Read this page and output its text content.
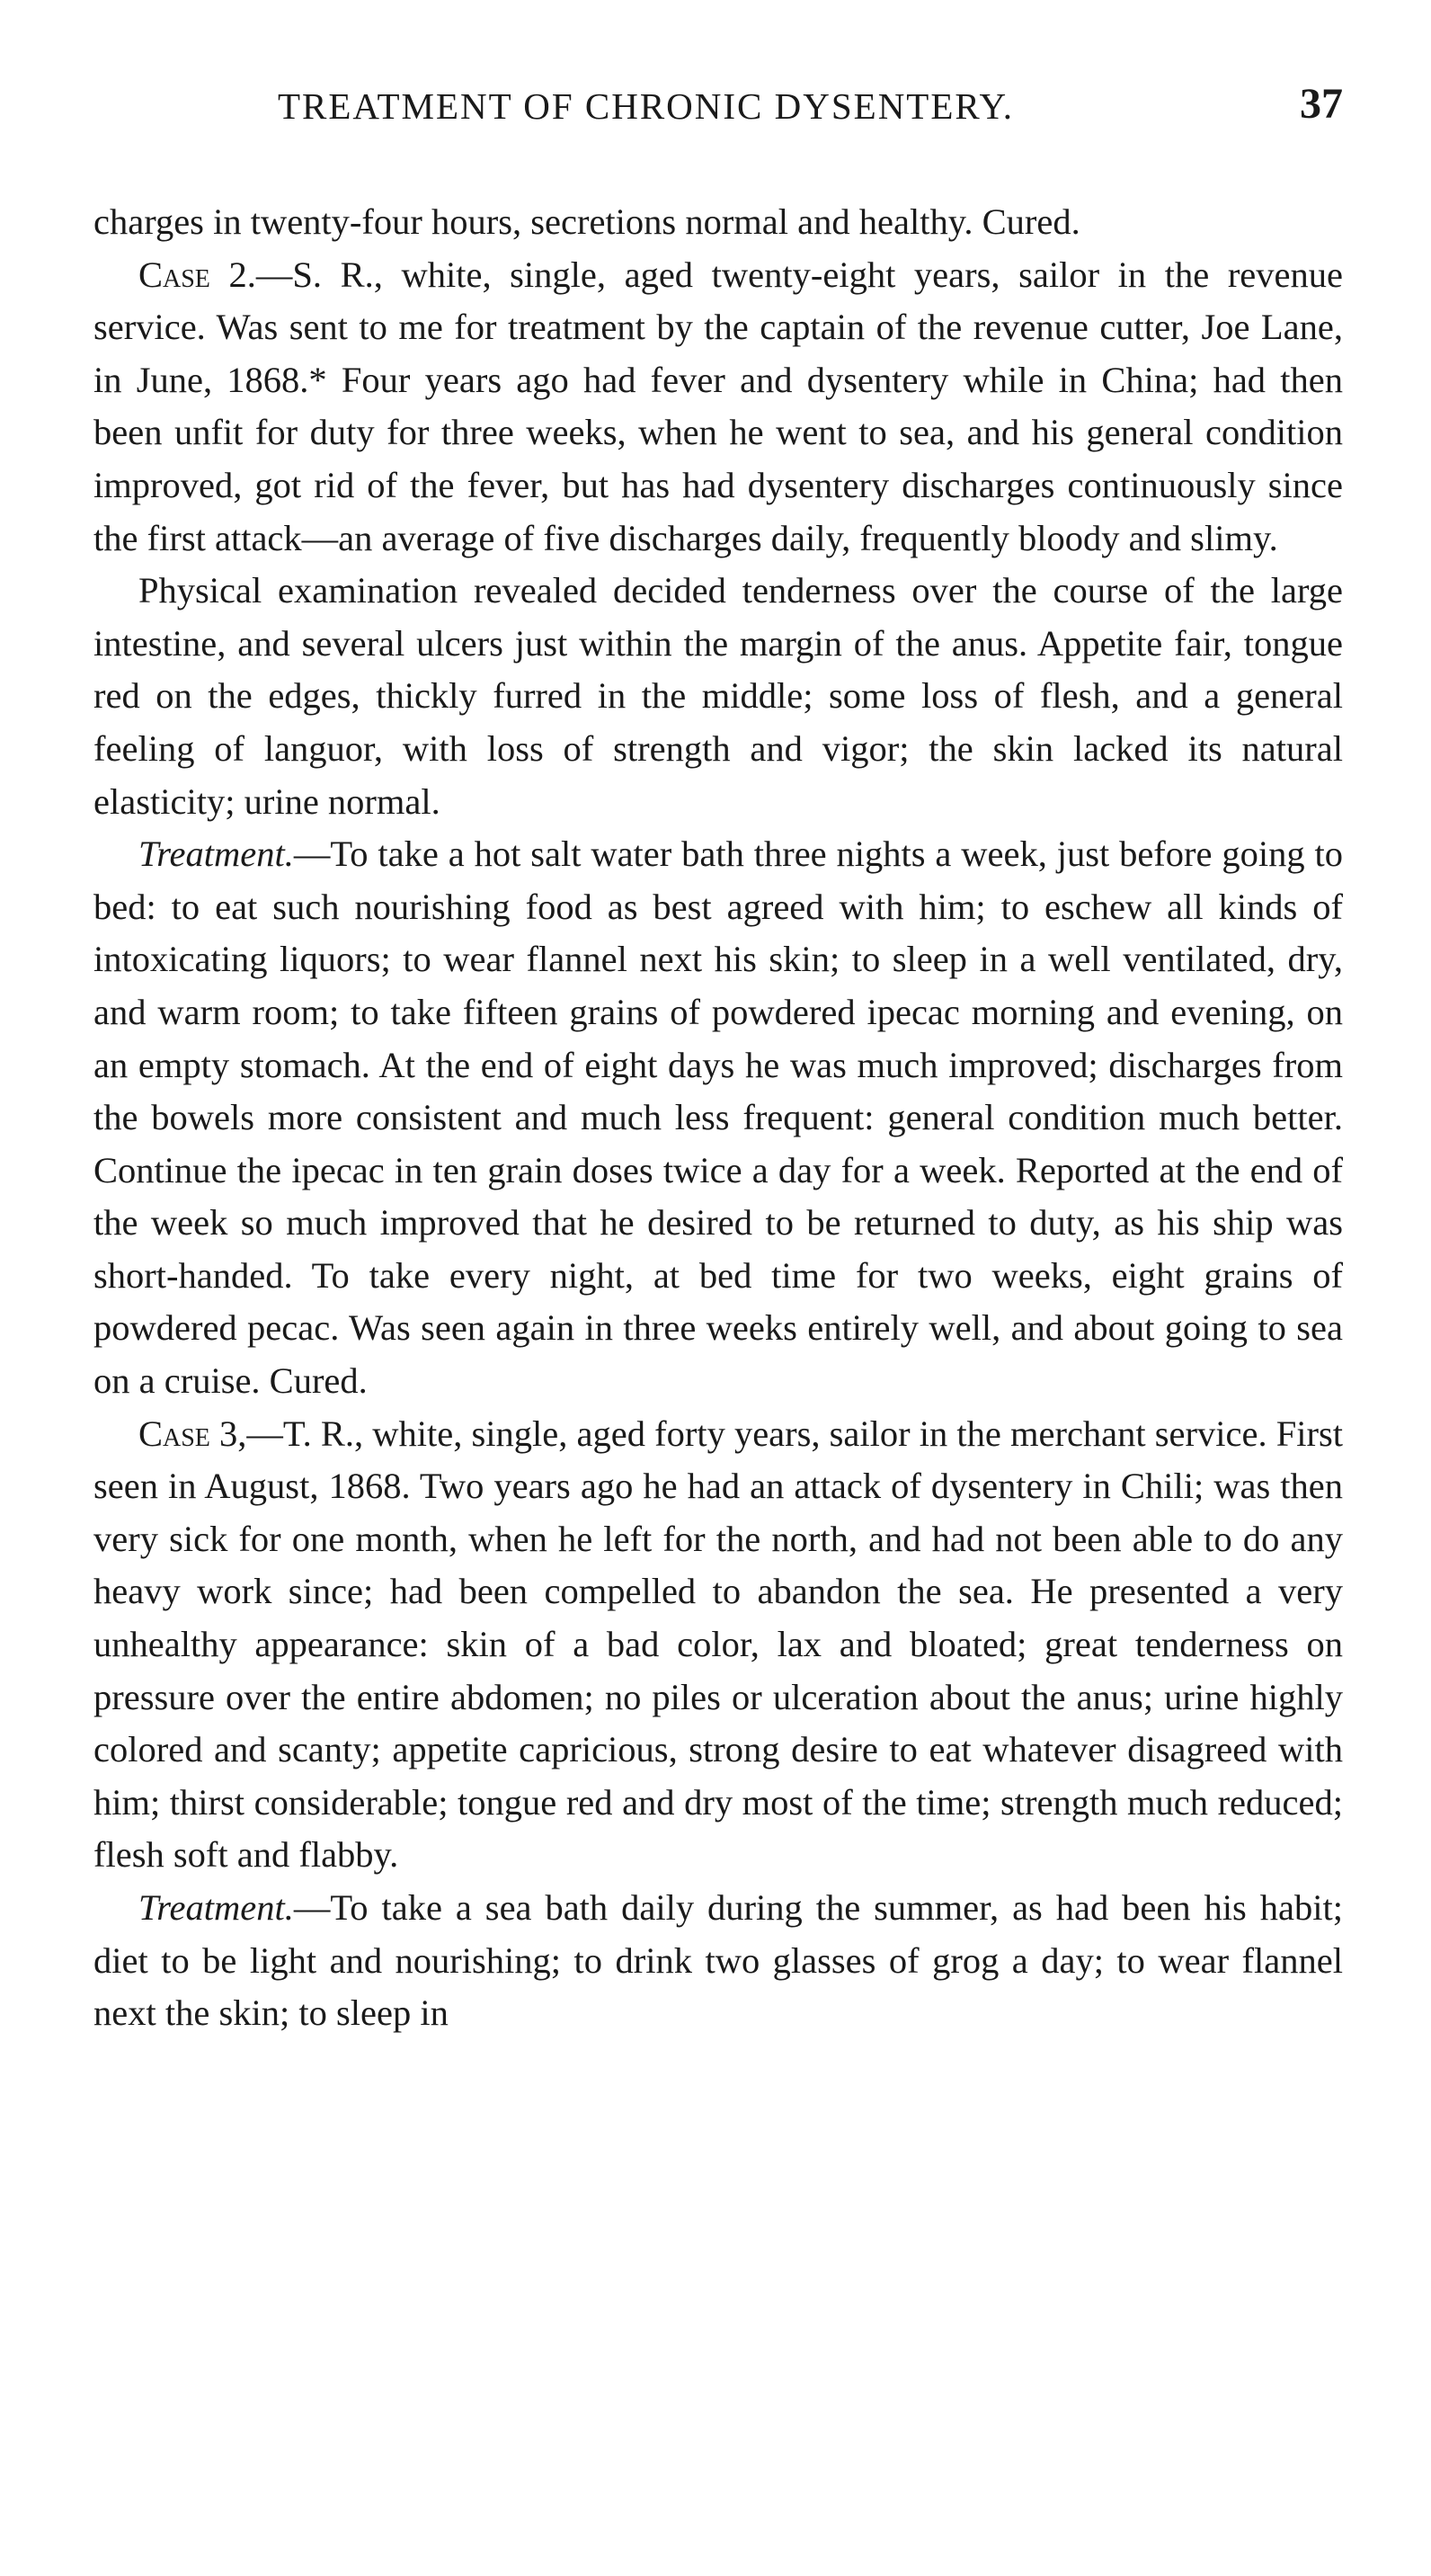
TREATMENT OF CHRONIC DYSENTERY.	37

charges in twenty-four hours, secretions normal and healthy. Cured.

Case 2.—S. R., white, single, aged twenty-eight years, sailor in the revenue service. Was sent to me for treatment by the captain of the revenue cutter, Joe Lane, in June, 1868.* Four years ago had fever and dysentery while in China; had then been unfit for duty for three weeks, when he went to sea, and his general condition improved, got rid of the fever, but has had dysentery discharges continuously since the first attack—an average of five discharges daily, frequently bloody and slimy.

Physical examination revealed decided tenderness over the course of the large intestine, and several ulcers just within the margin of the anus. Appetite fair, tongue red on the edges, thickly furred in the middle; some loss of flesh, and a general feeling of languor, with loss of strength and vigor; the skin lacked its natural elasticity; urine normal.

Treatment.—To take a hot salt water bath three nights a week, just before going to bed: to eat such nourishing food as best agreed with him; to eschew all kinds of intoxicating liquors; to wear flannel next his skin; to sleep in a well ventilated, dry, and warm room; to take fifteen grains of powdered ipecac morning and evening, on an empty stomach. At the end of eight days he was much improved; discharges from the bowels more consistent and much less frequent: general condition much better. Continue the ipecac in ten grain doses twice a day for a week. Reported at the end of the week so much improved that he desired to be returned to duty, as his ship was short-handed. To take every night, at bed time for two weeks, eight grains of powdered pecac. Was seen again in three weeks entirely well, and about going to sea on a cruise. Cured.

Case 3,—T. R., white, single, aged forty years, sailor in the merchant service. First seen in August, 1868. Two years ago he had an attack of dysentery in Chili; was then very sick for one month, when he left for the north, and had not been able to do any heavy work since; had been compelled to abandon the sea. He presented a very unhealthy appearance: skin of a bad color, lax and bloated; great tenderness on pressure over the entire abdomen; no piles or ulceration about the anus; urine highly colored and scanty; appetite capricious, strong desire to eat whatever disagreed with him; thirst considerable; tongue red and dry most of the time; strength much reduced; flesh soft and flabby.

Treatment.—To take a sea bath daily during the summer, as had been his habit; diet to be light and nourishing; to drink two glasses of grog a day; to wear flannel next the skin; to sleep in
